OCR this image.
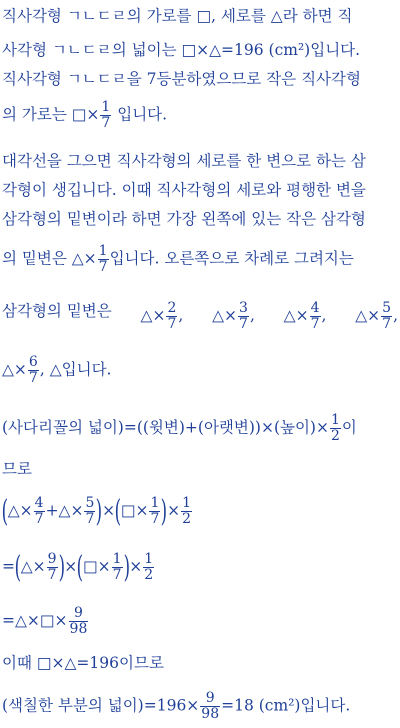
직사각형 ㄱㄴㄷㄹ의 가로를 □, 세로를 △라 하면 직
사각형 ㄱㄴㄷㄹ의 넓이는 □×△=196 (cm²)입니다.
직사각형 ㄱㄴㄷㄹ을 7등분하였으므로 작은 직사각형
의 가로는 □× $\frac{1}{7}$ 입니다.
대각선을 그으면 직사각형의 세로를 한 변으로 하는 삼
각형이 생깁니다. 이때 직사각형의 세로와 평행한 변을
삼각형의 밑변이라 하면 가장 왼쪽에 있는 작은 삼각형
의 밑변은 △× $\frac{1}{7}$ 입니다. 오른쪽으로 차례로 그려지는
삼각형의 밑변은 △× $\frac{2}{7}$ , △× $\frac{3}{7}$ , △× $\frac{4}{7}$ , △× $\frac{5}{7}$ ,
△× $\frac{6}{7}$ , △입니다.
(사다리꼴의 넓이)=((윗변)+(아랫변))×(높이)× $\frac{1}{2}$ 이
므로
(△× $\frac{4}{7}$ +△× $\frac{5}{7}$ )×(□× $\frac{1}{7}$ )× $\frac{1}{2}$
=(△× $\frac{9}{7}$ )×(□× $\frac{1}{7}$ )× $\frac{1}{2}$
=△×□× $\frac{9}{98}$
이때 □×△=196이므로
(색칠한 부분의 넓이)$=196\times \frac{9}{98} =18$ (cm²)입니다.
